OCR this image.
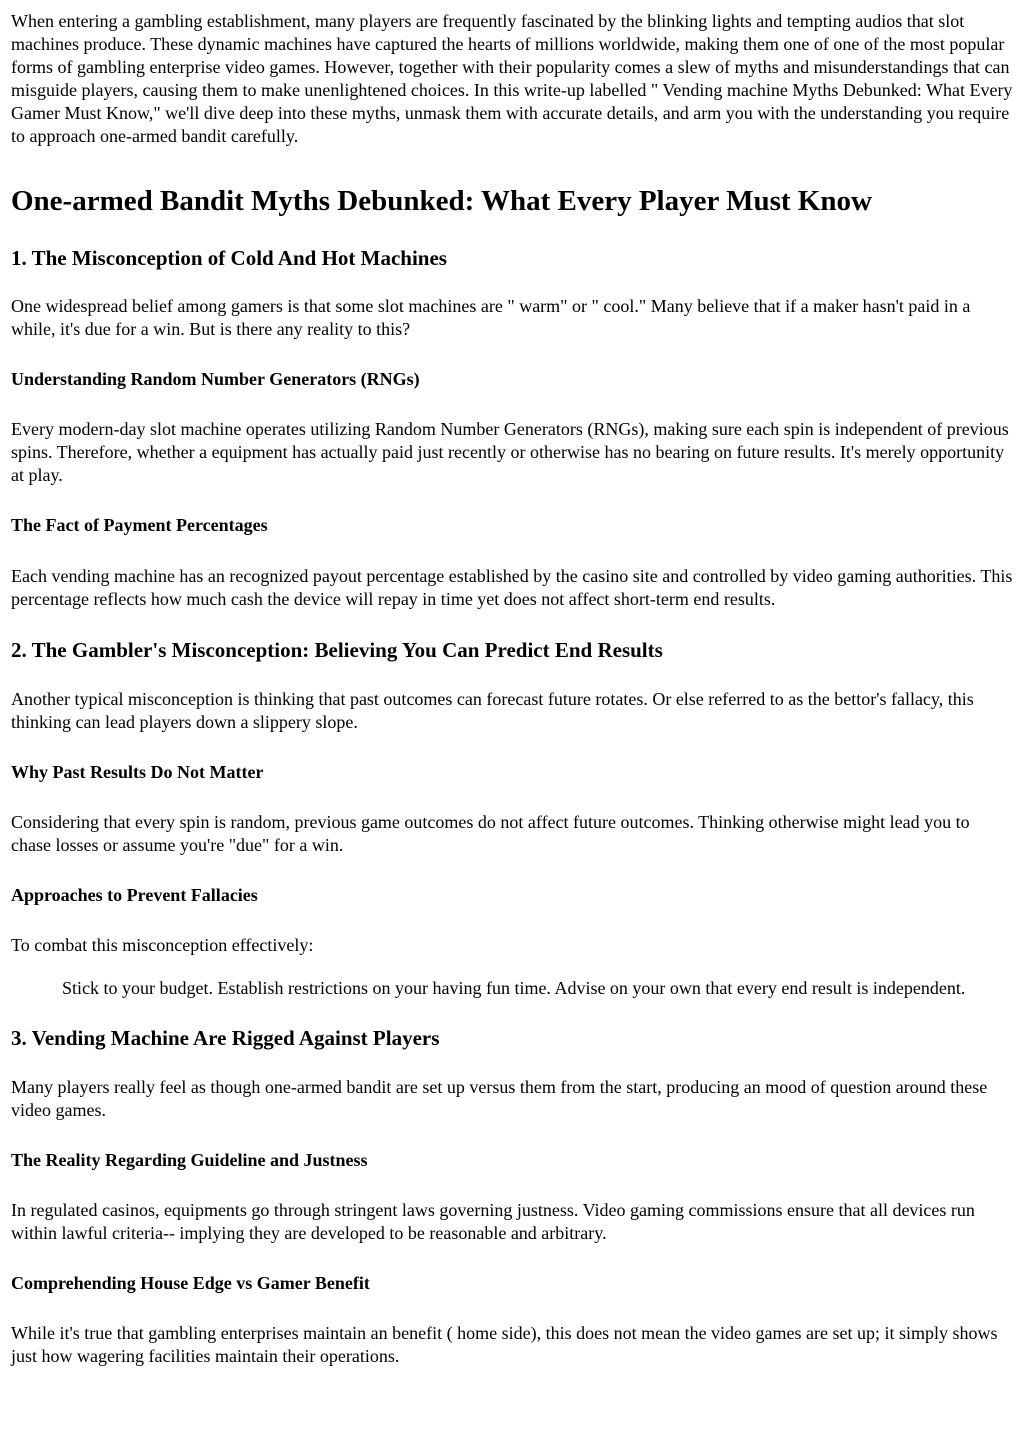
When entering a gambling establishment, many players are frequently fascinated by the blinking lights and tempting audios that slot machines produce. These dynamic machines have captured the hearts of millions worldwide, making them one of one of the most popular forms of gambling enterprise video games. However, together with their popularity comes a slew of myths and misunderstandings that can misguide players, causing them to make unenlightened choices. In this write-up labelled " Vending machine Myths Debunked: What Every Gamer Must Know," we'll dive deep into these myths, unmask them with accurate details, and arm you with the understanding you require to approach one-armed bandit carefully.

One-armed Bandit Myths Debunked: What Every Player Must Know
1. The Misconception of Cold And Hot Machines

One widespread belief among gamers is that some slot machines are " warm" or " cool." Many believe that if a maker hasn't paid in a while, it's due for a win. But is there any reality to this?

Understanding Random Number Generators (RNGs)

Every modern-day slot machine operates utilizing Random Number Generators (RNGs), making sure each spin is independent of previous spins. Therefore, whether a equipment has actually paid just recently or otherwise has no bearing on future results. It's merely opportunity at play.

The Fact of Payment Percentages

Each vending machine has an recognized payout percentage established by the casino site and controlled by video gaming authorities. This percentage reflects how much cash the device will repay in time yet does not affect short-term end results.

2. The Gambler's Misconception: Believing You Can Predict End Results

Another typical misconception is thinking that past outcomes can forecast future rotates. Or else referred to as the bettor's fallacy, this thinking can lead players down a slippery slope.

Why Past Results Do Not Matter

Considering that every spin is random, previous game outcomes do not affect future outcomes. Thinking otherwise might lead you to chase losses or assume you're "due" for a win.

Approaches to Prevent Fallacies

To combat this misconception effectively:

Stick to your budget. Establish restrictions on your having fun time. Advise on your own that every end result is independent.
3. Vending Machine Are Rigged Against Players

Many players really feel as though one-armed bandit are set up versus them from the start, producing an mood of question around these video games.

The Reality Regarding Guideline and Justness

In regulated casinos, equipments go through stringent laws governing justness. Video gaming commissions ensure that all devices run within lawful criteria-- implying they are developed to be reasonable and arbitrary.

Comprehending House Edge vs Gamer Benefit

While it's true that gambling enterprises maintain an benefit ( home side), this does not mean the video games are set up; it simply shows just how wagering facilities maintain their operations.
